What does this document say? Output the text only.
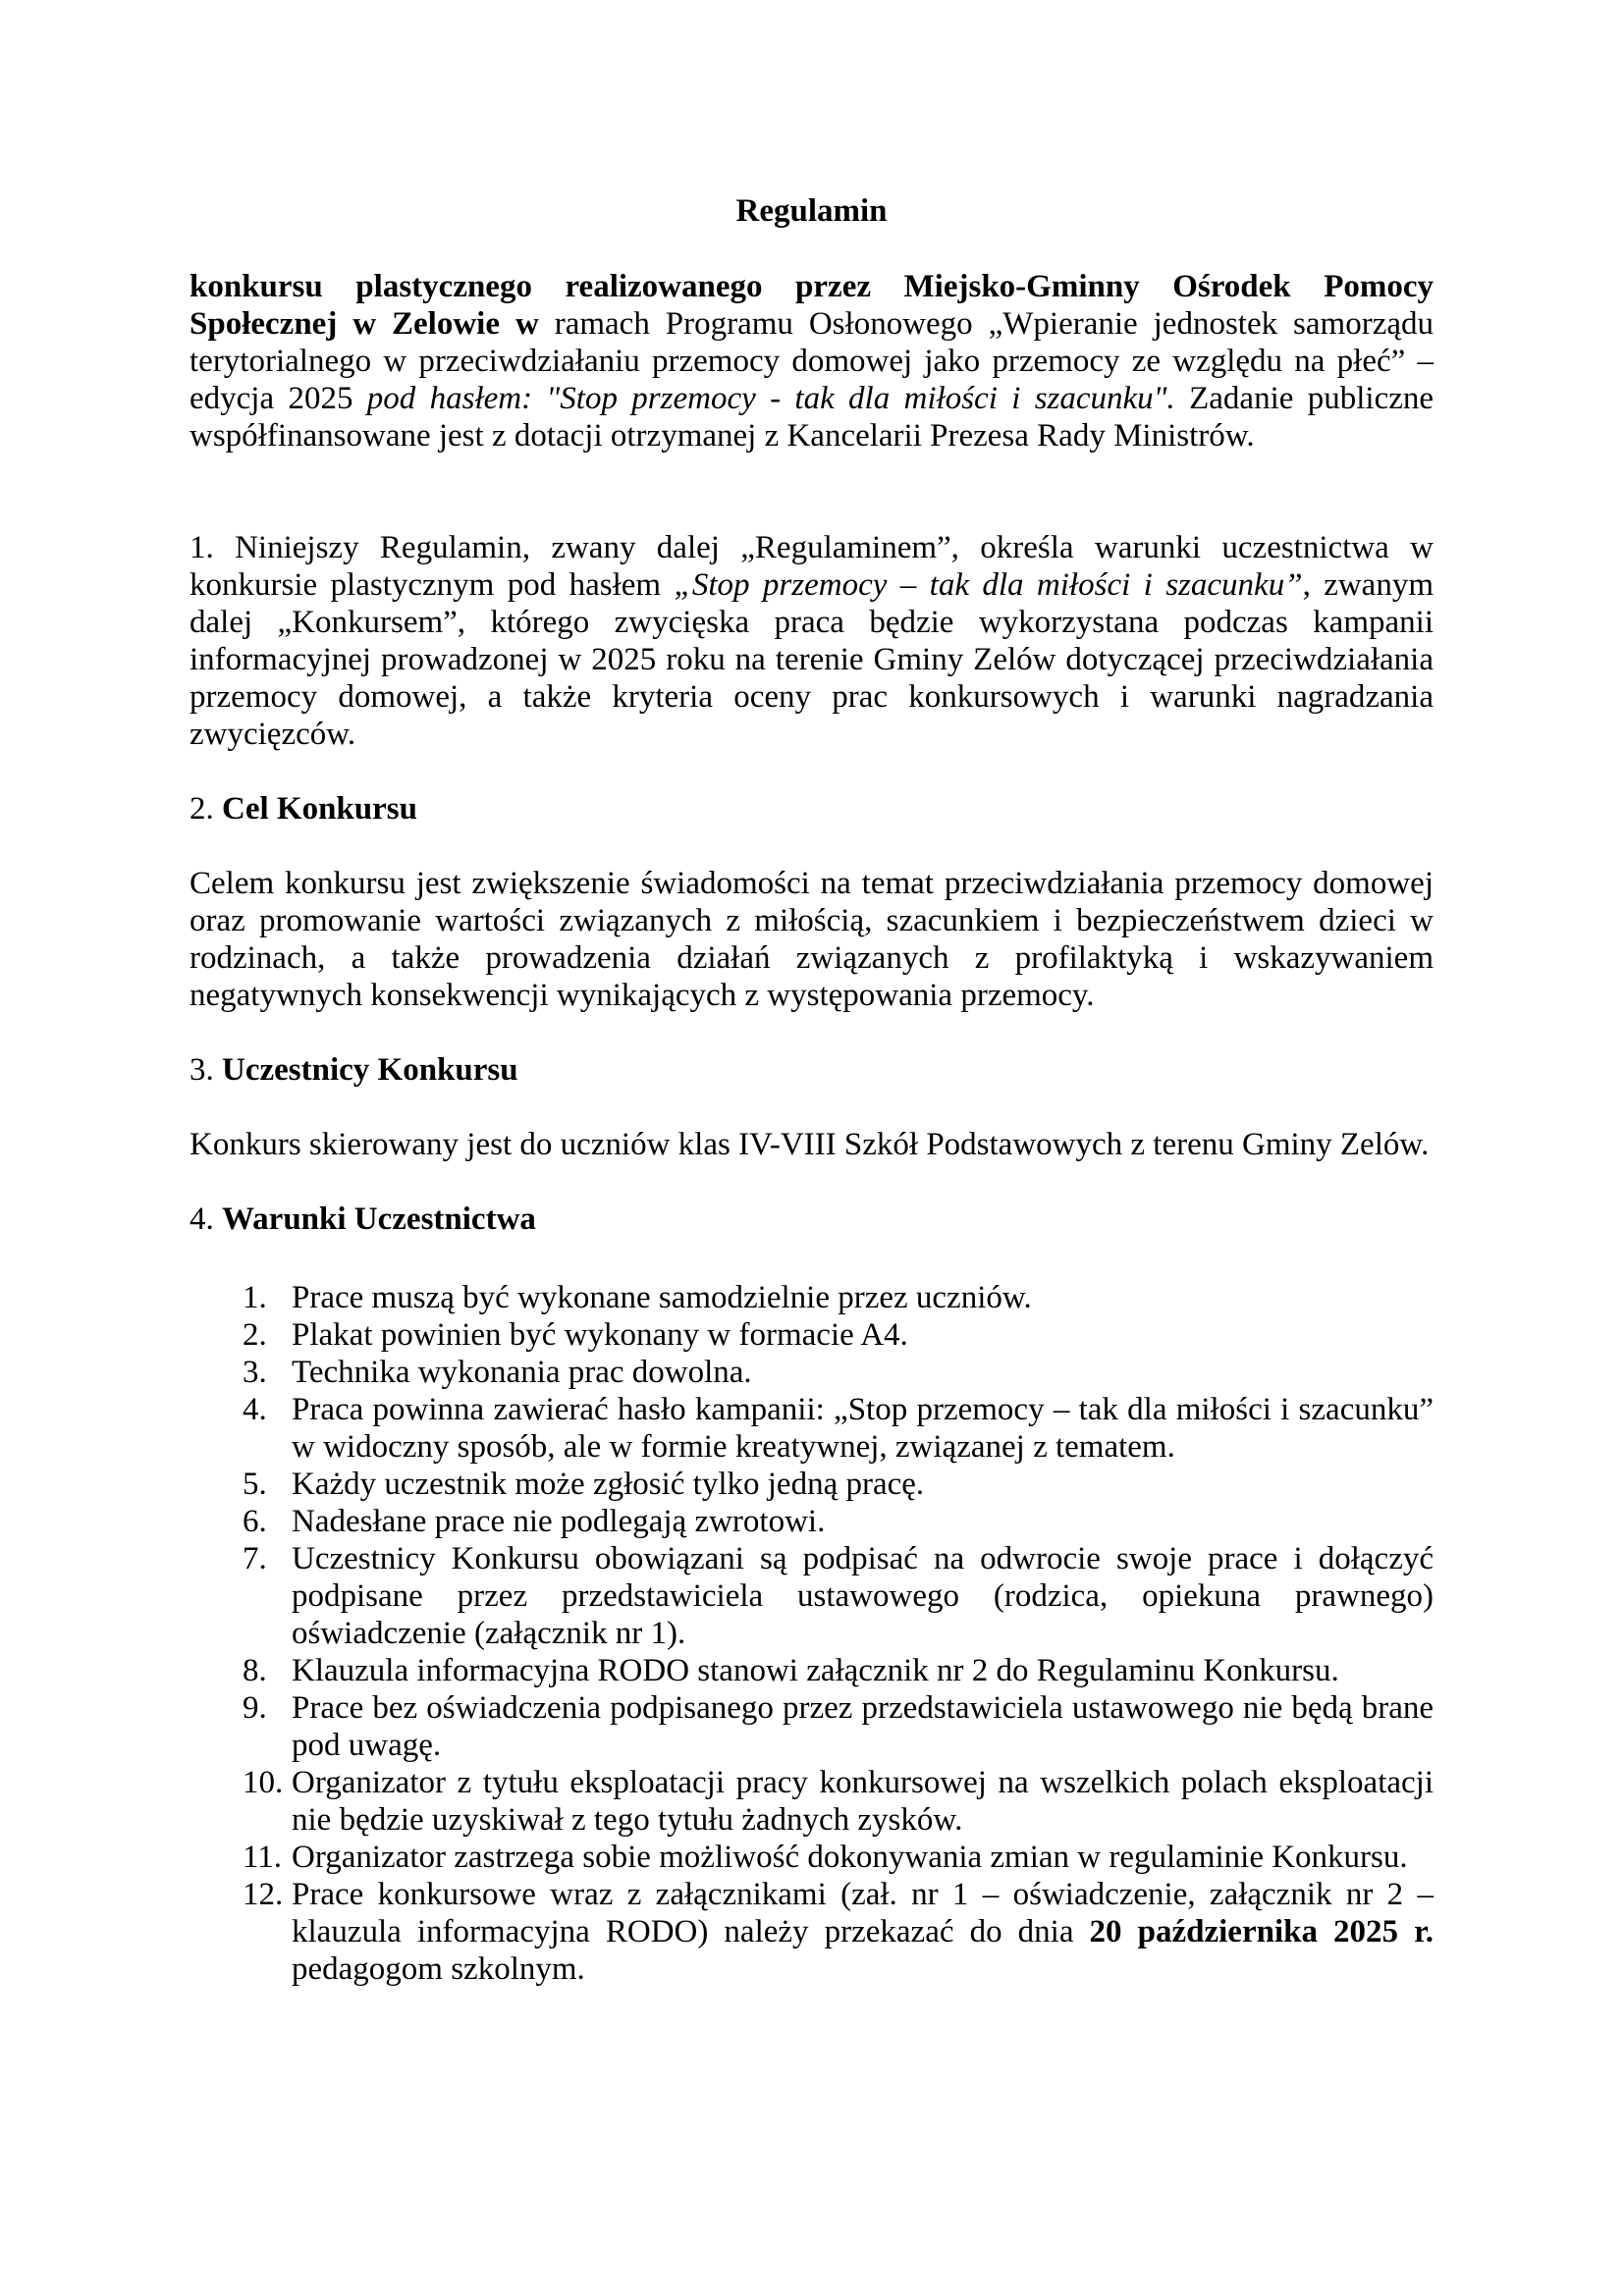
Regulamin
konkursu plastycznego realizowanego przez Miejsko-Gminny Ośrodek Pomocy Społecznej w Zelowie w ramach Programu Osłonowego „Wpieranie jednostek samorządu terytorialnego w przeciwdziałaniu przemocy domowej jako przemocy ze względu na płeć” – edycja 2025 pod hasłem: "Stop przemocy - tak dla miłości i szacunku". Zadanie publiczne współfinansowane jest z dotacji otrzymanej z Kancelarii Prezesa Rady Ministrów.
1. Niniejszy Regulamin, zwany dalej „Regulaminem”, określa warunki uczestnictwa w konkursie plastycznym pod hasłem „Stop przemocy – tak dla miłości i szacunku”, zwanym dalej „Konkursem”, którego zwycięska praca będzie wykorzystana podczas kampanii informacyjnej prowadzonej w 2025 roku na terenie Gminy Zelów dotyczącej przeciwdziałania przemocy domowej, a także kryteria oceny prac konkursowych i warunki nagradzania zwycięzców.
2. Cel Konkursu
Celem konkursu jest zwiększenie świadomości na temat przeciwdziałania przemocy domowej oraz promowanie wartości związanych z miłością, szacunkiem i bezpieczeństwem dzieci w rodzinach, a także prowadzenia działań związanych z profilaktyką i wskazywaniem negatywnych konsekwencji wynikających z występowania przemocy.
3. Uczestnicy Konkursu
Konkurs skierowany jest do uczniów klas IV-VIII Szkół Podstawowych z terenu Gminy Zelów.
4. Warunki Uczestnictwa
1. Prace muszą być wykonane samodzielnie przez uczniów.
2. Plakat powinien być wykonany w formacie A4.
3. Technika wykonania prac dowolna.
4. Praca powinna zawierać hasło kampanii: „Stop przemocy – tak dla miłości i szacunku” w widoczny sposób, ale w formie kreatywnej, związanej z tematem.
5. Każdy uczestnik może zgłosić tylko jedną pracę.
6. Nadesłane prace nie podlegają zwrotowi.
7. Uczestnicy Konkursu obowiązani są podpisać na odwrocie swoje prace i dołączyć podpisane przez przedstawiciela ustawowego (rodzica, opiekuna prawnego) oświadczenie (załącznik nr 1).
8. Klauzula informacyjna RODO stanowi załącznik nr 2 do Regulaminu Konkursu.
9. Prace bez oświadczenia podpisanego przez przedstawiciela ustawowego nie będą brane pod uwagę.
10. Organizator z tytułu eksploatacji pracy konkursowej na wszelkich polach eksploatacji nie będzie uzyskiwał z tego tytułu żadnych zysków.
11. Organizator zastrzega sobie możliwość dokonywania zmian w regulaminie Konkursu.
12. Prace konkursowe wraz z załącznikami (zał. nr 1 – oświadczenie, załącznik nr 2 – klauzula informacyjna RODO) należy przekazać do dnia 20 października 2025 r. pedagogom szkolnym.
